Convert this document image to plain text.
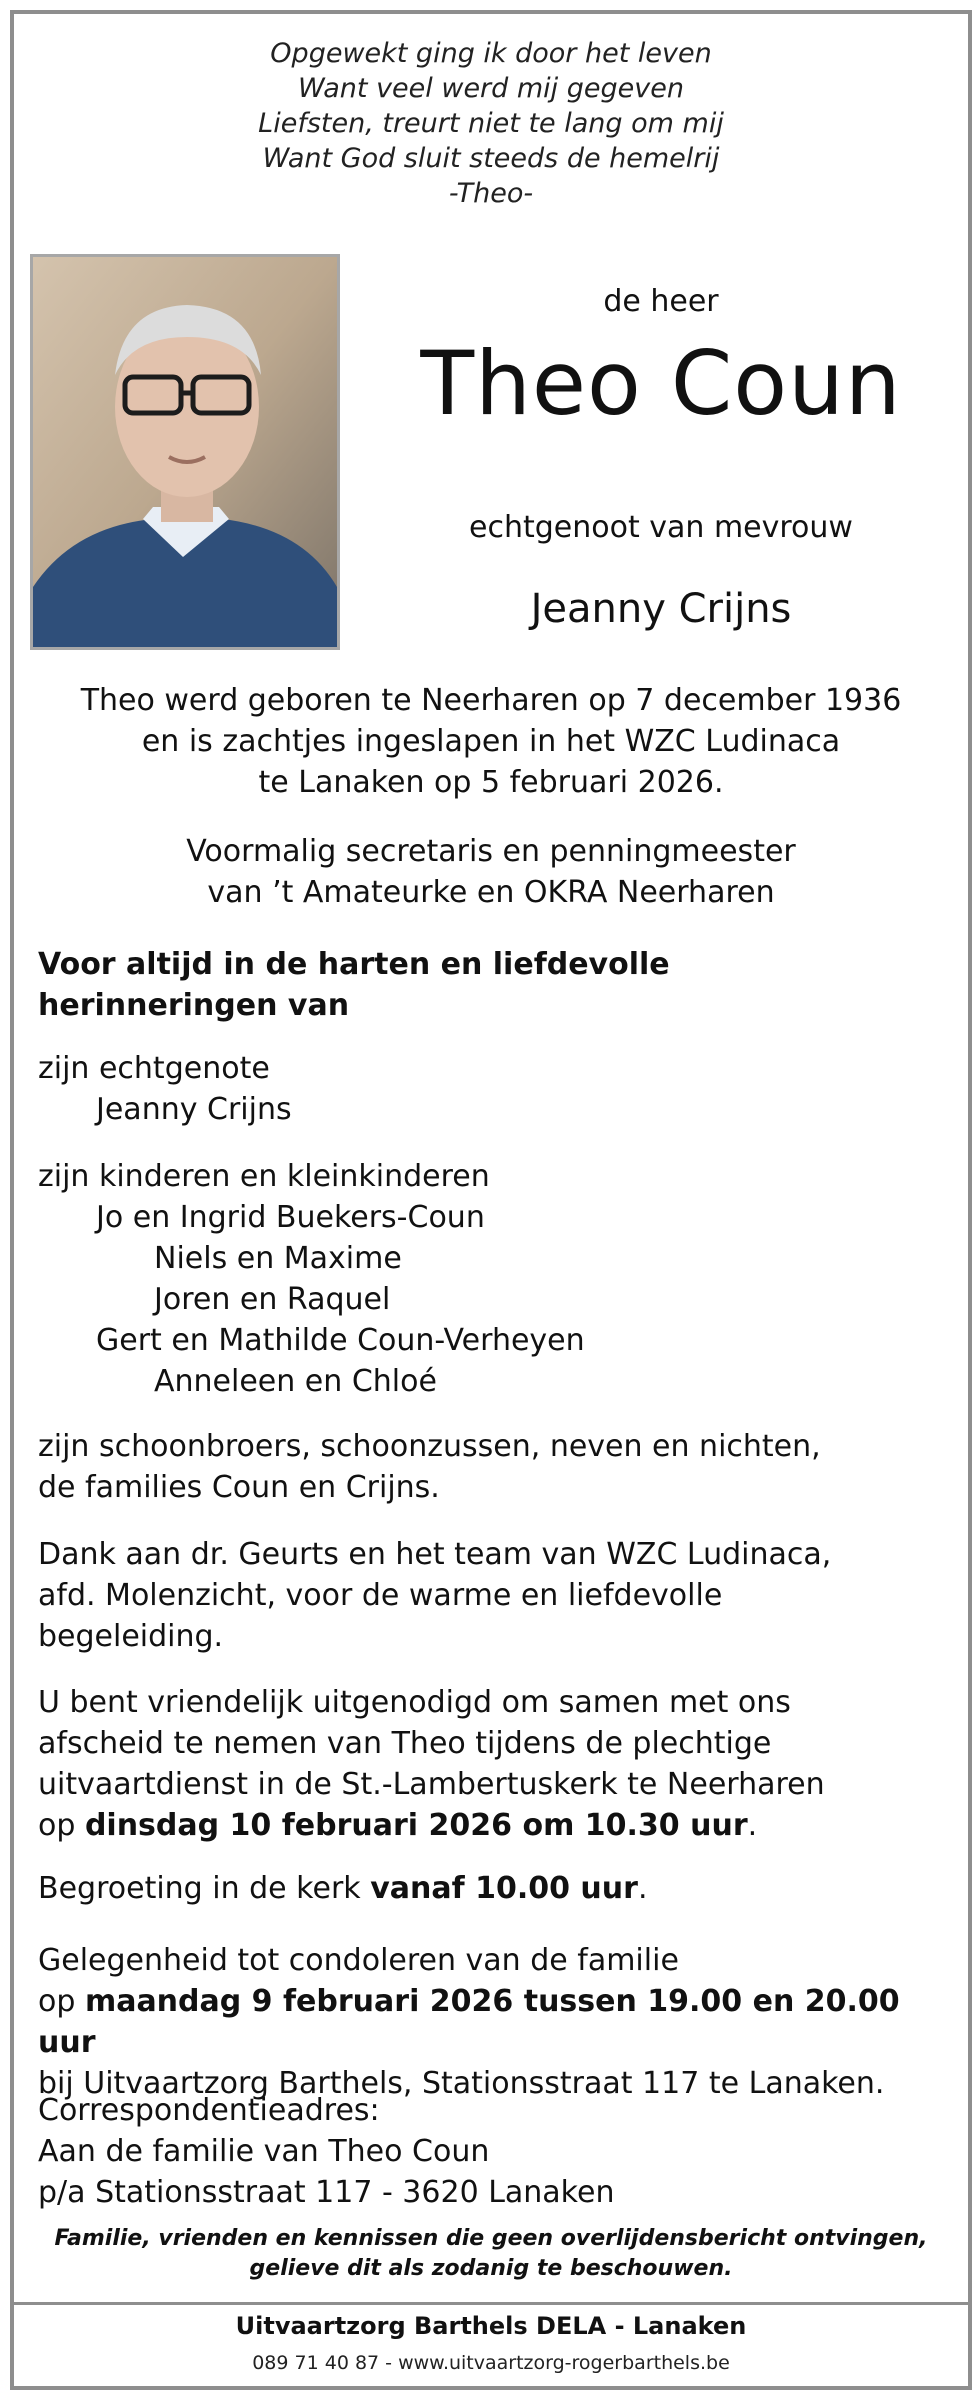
Opgewekt ging ik door het leven
Want veel werd mij gegeven
Liefsten, treurt niet te lang om mij
Want God sluit steeds de hemelrij
-Theo-
de heer
Theo Coun
echtgenoot van mevrouw
Jeanny Crijns
Theo werd geboren te Neerharen op 7 december 1936
en is zachtjes ingeslapen in het WZC Ludinaca
te Lanaken op 5 februari 2026.
Voormalig secretaris en penningmeester
van ’t Amateurke en OKRA Neerharen
Voor altijd in de harten en liefdevolle
herinneringen van
zijn echtgenote
Jeanny Crijns
zijn kinderen en kleinkinderen
Jo en Ingrid Buekers-Coun
Niels en Maxime
Joren en Raquel
Gert en Mathilde Coun-Verheyen
Anneleen en Chloé
zijn schoonbroers, schoonzussen, neven en nichten,
de families Coun en Crijns.
Dank aan dr. Geurts en het team van WZC Ludinaca,
afd. Molenzicht, voor de warme en liefdevolle
begeleiding.
U bent vriendelijk uitgenodigd om samen met ons
afscheid te nemen van Theo tijdens de plechtige
uitvaartdienst in de St.-Lambertuskerk te Neerharen
op dinsdag 10 februari 2026 om 10.30 uur.
Begroeting in de kerk vanaf 10.00 uur.
Gelegenheid tot condoleren van de familie
op maandag 9 februari 2026 tussen 19.00 en 20.00 uur
bij Uitvaartzorg Barthels, Stationsstraat 117 te Lanaken.
Correspondentieadres:
Aan de familie van Theo Coun
p/a Stationsstraat 117 - 3620 Lanaken
Familie, vrienden en kennissen die geen overlijdensbericht ontvingen,
gelieve dit als zodanig te beschouwen.
Uitvaartzorg Barthels DELA - Lanaken
089 71 40 87 - www.uitvaartzorg-rogerbarthels.be
